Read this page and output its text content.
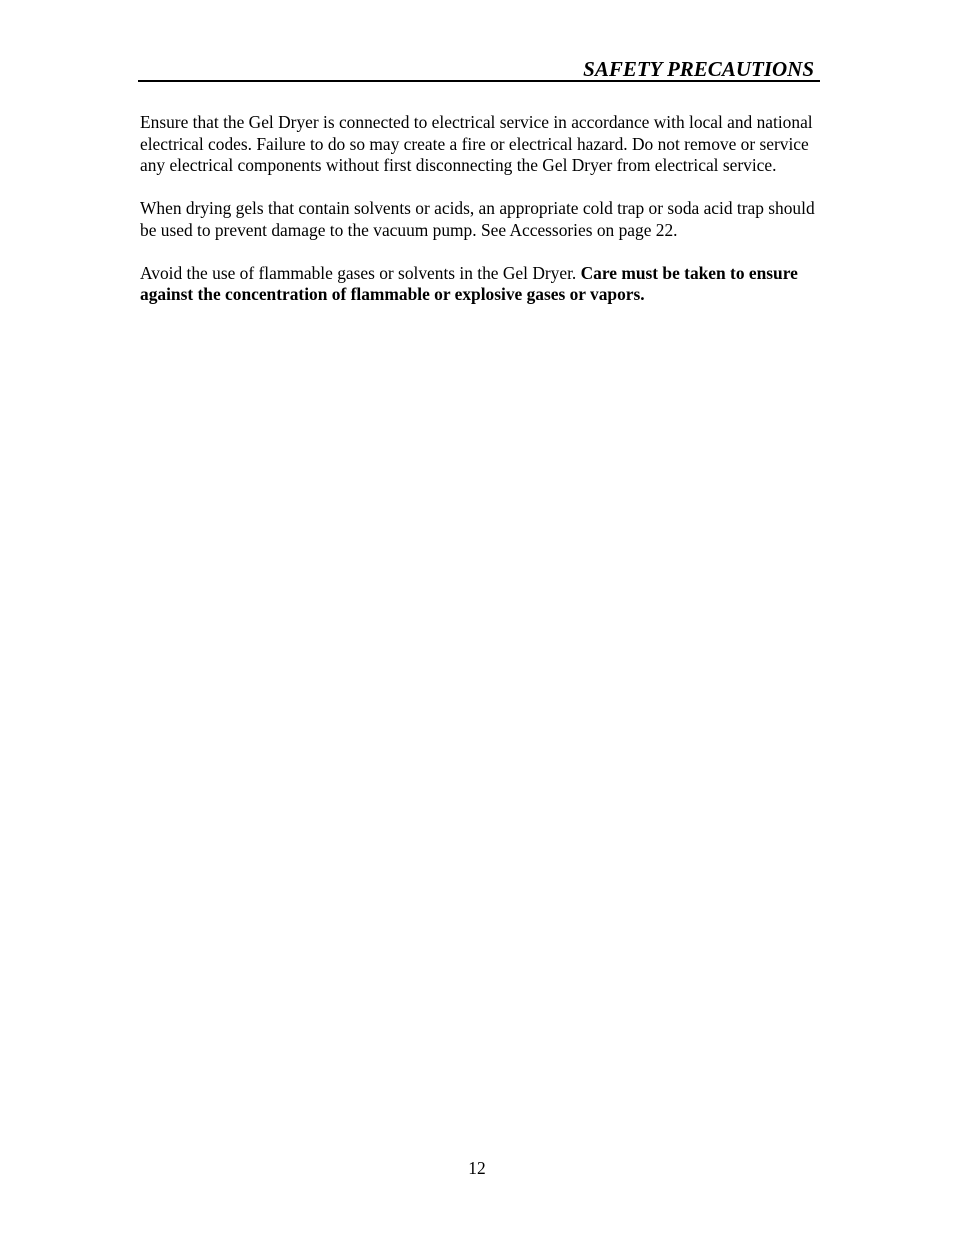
SAFETY PRECAUTIONS

Ensure that the Gel Dryer is connected to electrical service in accordance with local and national electrical codes. Failure to do so may create a fire or electrical hazard. Do not remove or service any electrical components without first disconnecting the Gel Dryer from electrical service.

When drying gels that contain solvents or acids, an appropriate cold trap or soda acid trap should be used to prevent damage to the vacuum pump. See Accessories on page 22.

Avoid the use of flammable gases or solvents in the Gel Dryer. Care must be taken to ensure against the concentration of flammable or explosive gases or vapors.

12
